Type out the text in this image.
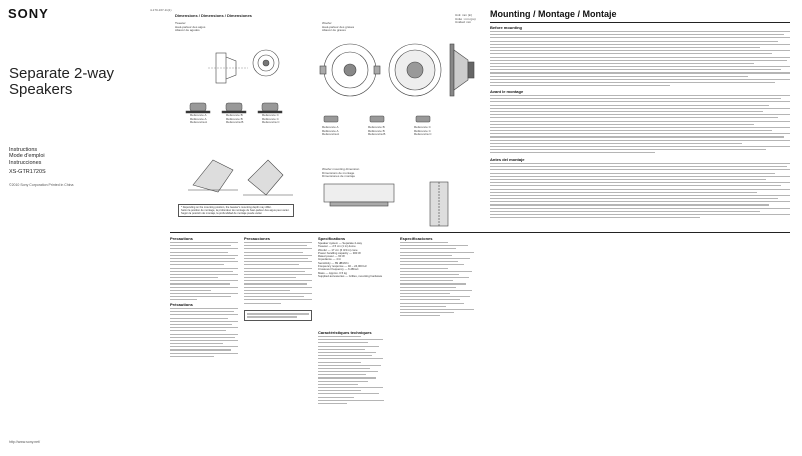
SONY	4-170-167-11(1)
Separate 2-way
Speakers
Instructions
Mode d'emploi
Instrucciones
XS-GTR1720S
©2010 Sony Corporation Printed in China
http://www.sony.net/
Dimensions / Dimensions / Dimensiones
Tweeter
Haut-parleur des aigus
Altavoz de agudos
Woofer
Haut-parleur des graves
Altavoz de graves
Unit: mm (in)
Unité : mm (po)
Unidad: mm
Reference A
Référence A
Referencia A
Reference B
Référence B
Referencia B
Reference C
Référence C
Referencia C
* Depending on the mounting position, the tweeter's mounting depth may differ.
Selon la position de montage, la profondeur de montage du haut-parleur des aigus peut varier.
Según la posición de montaje, la profundidad de montaje puede variar.
Reference A
Référence A
Referencia A
Reference B
Référence B
Referencia B
Reference C
Référence C
Referencia C
Woofer mounting dimension
Dimensions de montage
Dimensiones de montaje
Mounting / Montage / Montaje
Before mounting
Avant le montage
Antes del montaje
Precautions
Précautions
Precauciones	Specifications
Speaker system — Separate 2-way
Tweeter — 2.5 cm (1 in) dome
Woofer — 17 cm (6 3/4 in) cone
Power handling capacity — 300 W
Rated power — 60 W
Impedance — 4 Ω
Sensitivity — 89 dB/W/m
Frequency response — 40 – 24,000 Hz
Crossover frequency — 6 dB/oct
Mass — Approx. 0.5 kg
Supplied accessories — Grilles, mounting hardware
Caractéristiques techniques
Especificaciones
